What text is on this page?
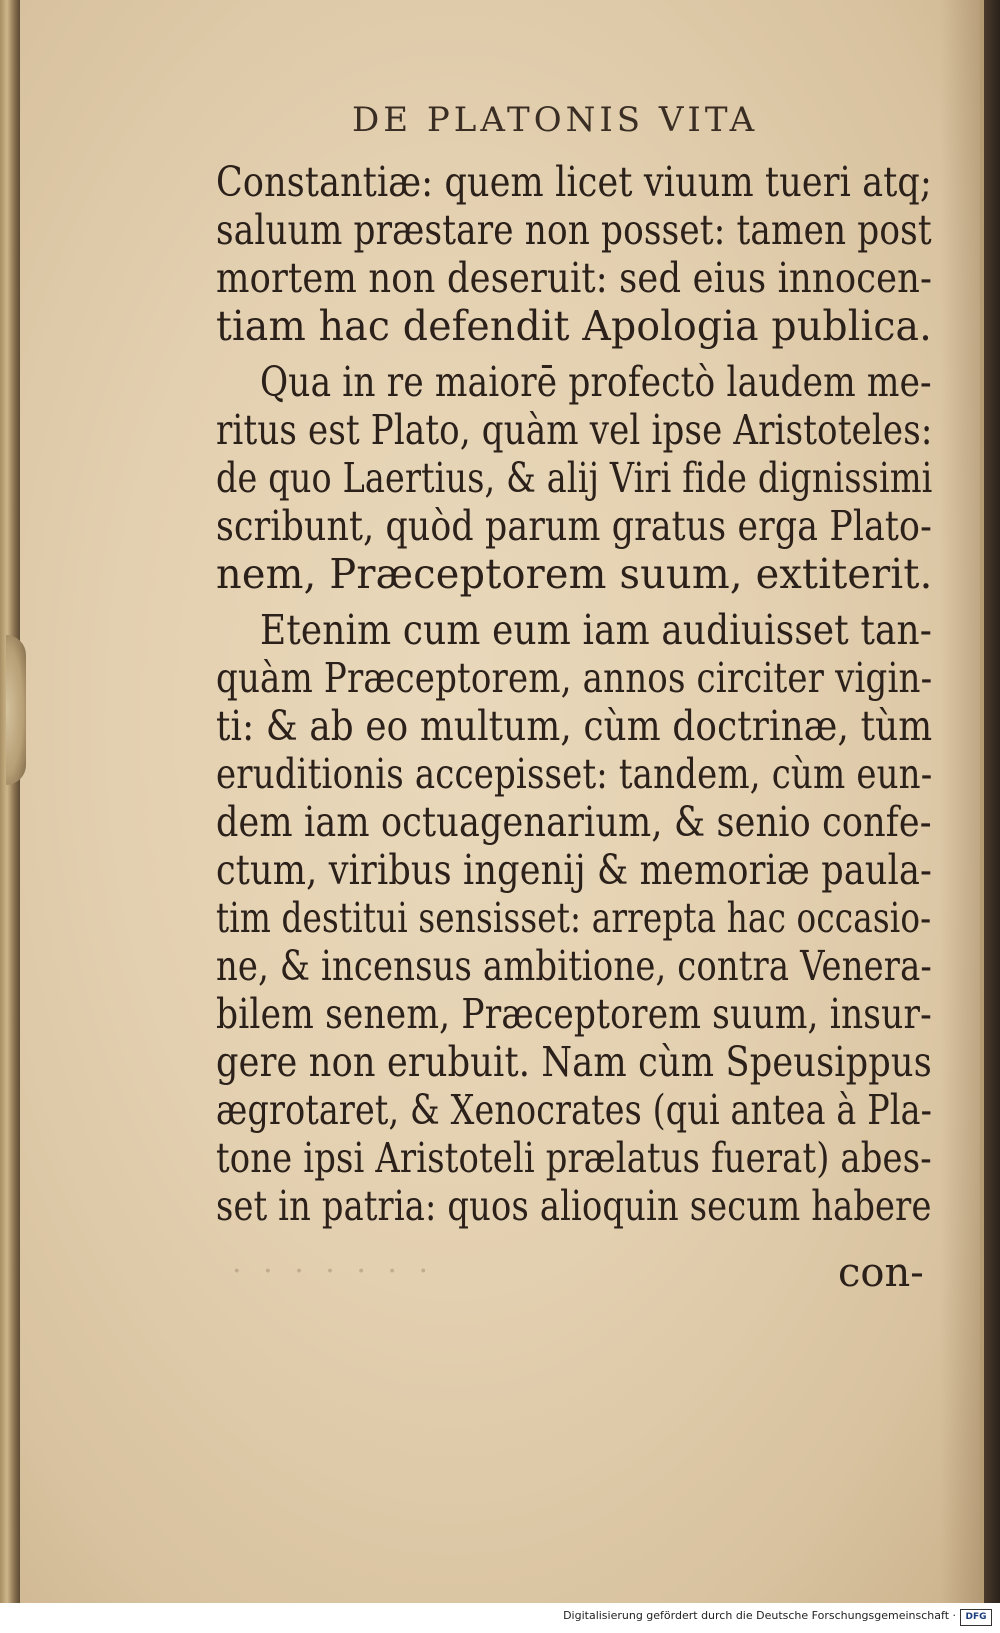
DE PLATONIS VITA
Constantiæ: quem licet viuum tueri atq;
saluum præstare non posset: tamen post
mortem non deseruit: sed eius innocen-
tiam hac defendit Apologia publica.
Qua in re maiorē profectò laudem me-
ritus est Plato, quàm vel ipse Aristoteles:
de quo Laertius, & alij Viri fide dignissimi
scribunt, quòd parum gratus erga Plato-
nem, Præceptorem suum, extiterit.
Etenim cum eum iam audiuisset tan-
quàm Præceptorem, annos circiter vigin-
ti: & ab eo multum, cùm doctrinæ, tùm
eruditionis accepisset: tandem, cùm eun-
dem iam octuagenarium, & senio confe-
ctum, viribus ingenij & memoriæ paula-
tim destitui sensisset: arrepta hac occasio-
ne, & incensus ambitione, contra Venera-
bilem senem, Præceptorem suum, insur-
gere non erubuit. Nam cùm Speusippus
ægrotaret, & Xenocrates (qui antea à Pla-
tone ipsi Aristoteli prælatus fuerat) abes-
set in patria: quos alioquin secum habere
· · · · · · ·	con-
Digitalisierung gefördert durch die Deutsche Forschungsgemeinschaft ·	DFG
